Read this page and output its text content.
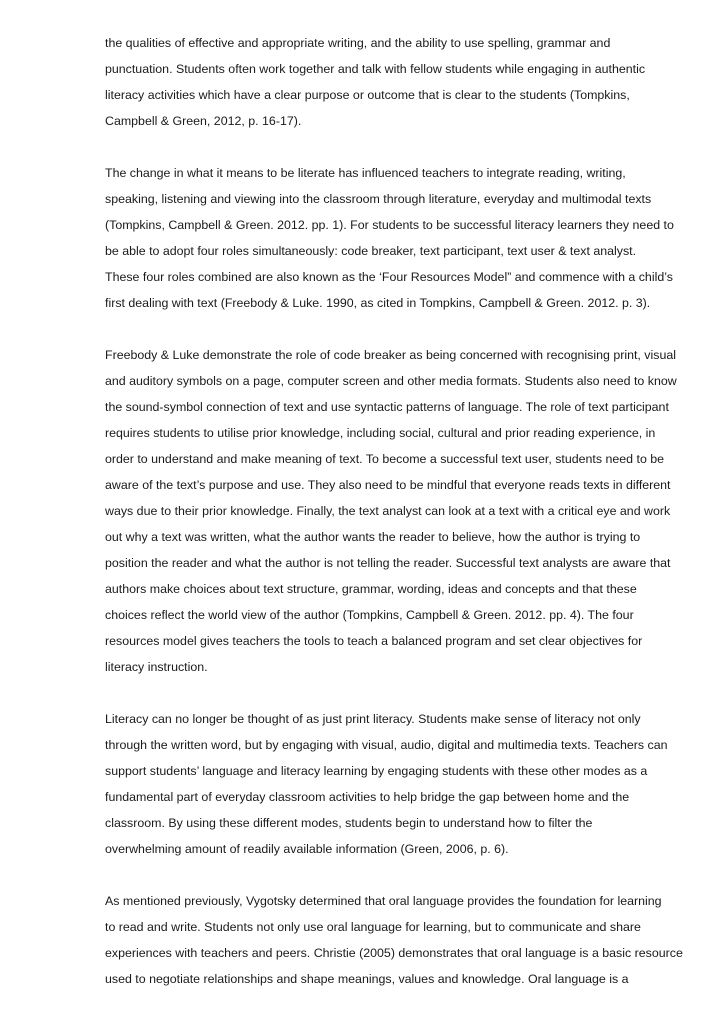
the qualities of effective and appropriate writing, and the ability to use spelling, grammar and
punctuation. Students often work together and talk with fellow students while engaging in authentic
literacy activities which have a clear purpose or outcome that is clear to the students (Tompkins,
Campbell & Green, 2012, p. 16-17).
The change in what it means to be literate has influenced teachers to integrate reading, writing,
speaking, listening and viewing into the classroom through literature, everyday and multimodal texts
(Tompkins, Campbell & Green. 2012. pp. 1). For students to be successful literacy learners they need to
be able to adopt four roles simultaneously: code breaker, text participant, text user & text analyst.
These four roles combined are also known as the ‘Four Resources Model” and commence with a child’s
first dealing with text (Freebody & Luke. 1990, as cited in Tompkins, Campbell & Green. 2012. p. 3).
Freebody & Luke demonstrate the role of code breaker as being concerned with recognising print, visual
and auditory symbols on a page, computer screen and other media formats. Students also need to know
the sound-symbol connection of text and use syntactic patterns of language. The role of text participant
requires students to utilise prior knowledge, including social, cultural and prior reading experience, in
order to understand and make meaning of text. To become a successful text user, students need to be
aware of the text’s purpose and use. They also need to be mindful that everyone reads texts in different
ways due to their prior knowledge. Finally, the text analyst can look at a text with a critical eye and work
out why a text was written, what the author wants the reader to believe, how the author is trying to
position the reader and what the author is not telling the reader. Successful text analysts are aware that
authors make choices about text structure, grammar, wording, ideas and concepts and that these
choices reflect the world view of the author (Tompkins, Campbell & Green. 2012. pp. 4). The four
resources model gives teachers the tools to teach a balanced program and set clear objectives for
literacy instruction.
Literacy can no longer be thought of as just print literacy. Students make sense of literacy not only
through the written word, but by engaging with visual, audio, digital and multimedia texts. Teachers can
support students’ language and literacy learning by engaging students with these other modes as a
fundamental part of everyday classroom activities to help bridge the gap between home and the
classroom. By using these different modes, students begin to understand how to filter the
overwhelming amount of readily available information (Green, 2006, p. 6).
As mentioned previously, Vygotsky determined that oral language provides the foundation for learning
to read and write. Students not only use oral language for learning, but to communicate and share
experiences with teachers and peers. Christie (2005) demonstrates that oral language is a basic resource
used to negotiate relationships and shape meanings, values and knowledge. Oral language is a
